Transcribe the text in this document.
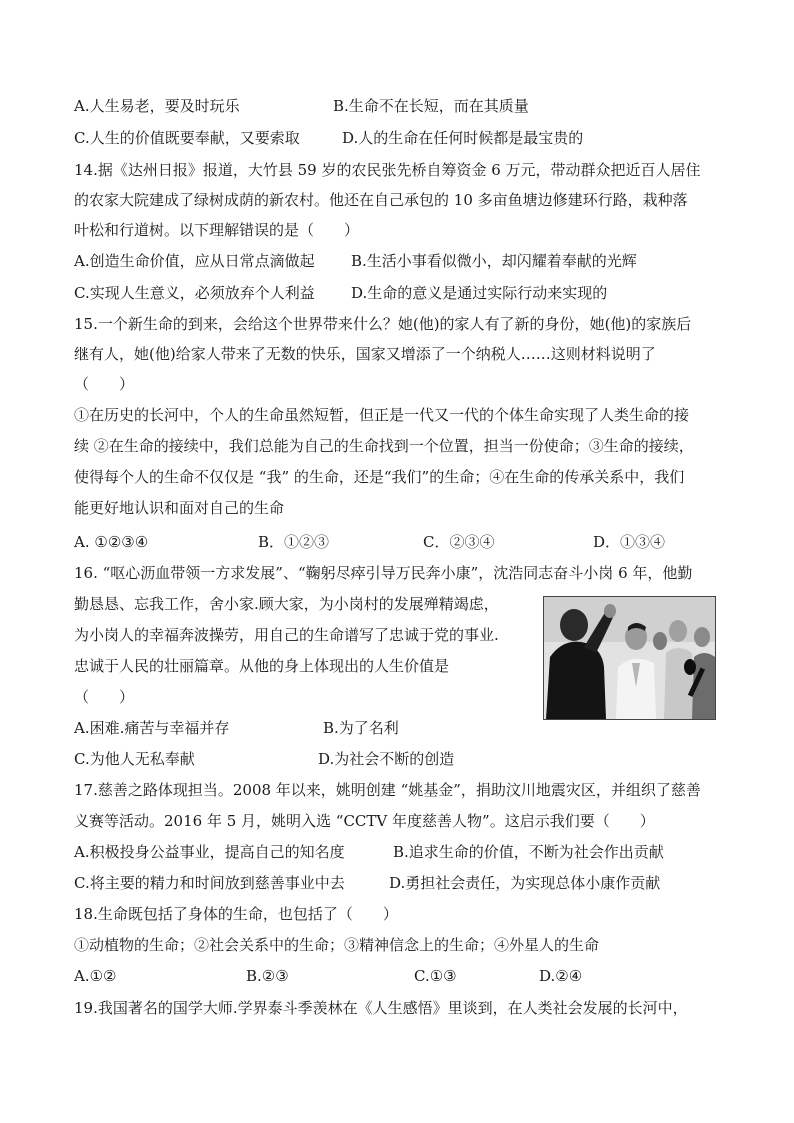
A.人生易老，要及时玩乐	B.生命不在长短，而在其质量
C.人生的价值既要奉献，又要索取	D.人的生命在任何时候都是最宝贵的
14.据《达州日报》报道，大竹县 59 岁的农民张先桥自筹资金 6 万元，带动群众把近百人居住
的农家大院建成了绿树成荫的新农村。他还在自己承包的 10 多亩鱼塘边修建环行路，栽种落
叶松和行道树。以下理解错误的是（　　）
A.创造生命价值，应从日常点滴做起 B.生活小事看似微小，却闪耀着奉献的光辉
C.实现人生意义，必须放弃个人利益 D.生命的意义是通过实际行动来实现的
15.一个新生命的到来，会给这个世界带来什么？她(他)的家人有了新的身份，她(他)的家族后
继有人，她(他)给家人带来了无数的快乐，国家又增添了一个纳税人……这则材料说明了
（　　）
①在历史的长河中，个人的生命虽然短暂，但正是一代又一代的个体生命实现了人类生命的接
续 ②在生命的接续中，我们总能为自己的生命找到一个位置，担当一份使命；③生命的接续，
使得每个人的生命不仅仅是 “我” 的生命，还是“我们”的生命；④在生命的传承关系中，我们
能更好地认识和面对自己的生命
A. ①②③④	B．①②③	C．②③④	D．①③④
16. “呕心沥血带领一方求发展”、“鞠躬尽瘁引导万民奔小康”，沈浩同志奋斗小岗 6 年，他勤
勤恳恳、忘我工作，舍小家.顾大家，为小岗村的发展殚精竭虑，
为小岗人的幸福奔波操劳，用自己的生命谱写了忠诚于党的事业.
忠诚于人民的壮丽篇章。从他的身上体现出的人生价值是
（　　）
A.困难.痛苦与幸福并存	B.为了名利
C.为他人无私奉献	D.为社会不断的创造
17.慈善之路体现担当。2008 年以来，姚明创建 “姚基金”，捐助汶川地震灾区，并组织了慈善
义赛等活动。2016 年 5 月，姚明入选 “CCTV 年度慈善人物”。这启示我们要（　　）
A.积极投身公益事业，提高自己的知名度	B.追求生命的价值，不断为社会作出贡献
C.将主要的精力和时间放到慈善事业中去	D.勇担社会责任，为实现总体小康作贡献
18.生命既包括了身体的生命，也包括了（　　）
①动植物的生命；②社会关系中的生命；③精神信念上的生命；④外星人的生命
A.①②	B.②③	C.①③	D.②④
19.我国著名的国学大师.学界泰斗季羡林在《人生感悟》里谈到，在人类社会发展的长河中，
